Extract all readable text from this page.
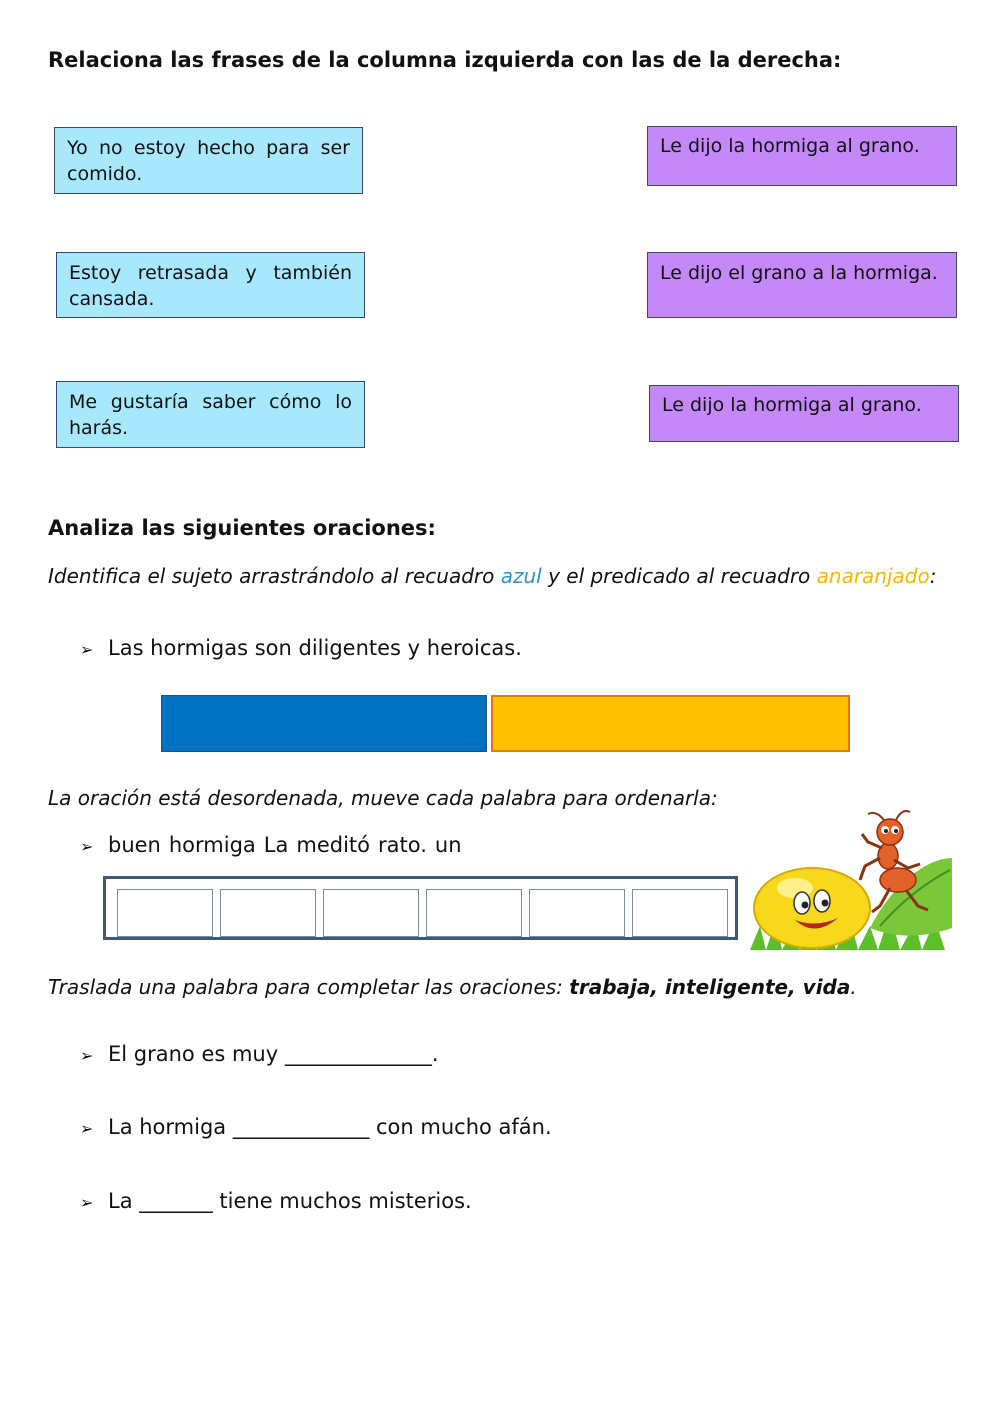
Relaciona las frases de la columna izquierda con las de la derecha:
Yo no estoy hecho para ser comido.
Estoy retrasada y también cansada.
Me gustaría saber cómo lo harás.
Le dijo la hormiga al grano.
Le dijo el grano a la hormiga.
Le dijo la hormiga al grano.
Analiza las siguientes oraciones:
Identifica el sujeto arrastrándolo al recuadro azul y el predicado al recuadro anaranjado:
➢ Las hormigas son diligentes y heroicas.
La oración está desordenada, mueve cada palabra para ordenarla:
➢ buen hormiga La meditó rato. un
Traslada una palabra para completar las oraciones: trabaja, inteligente, vida.
➢ El grano es muy ______________.
➢ La hormiga _____________ con mucho afán.
➢ La _______ tiene muchos misterios.
